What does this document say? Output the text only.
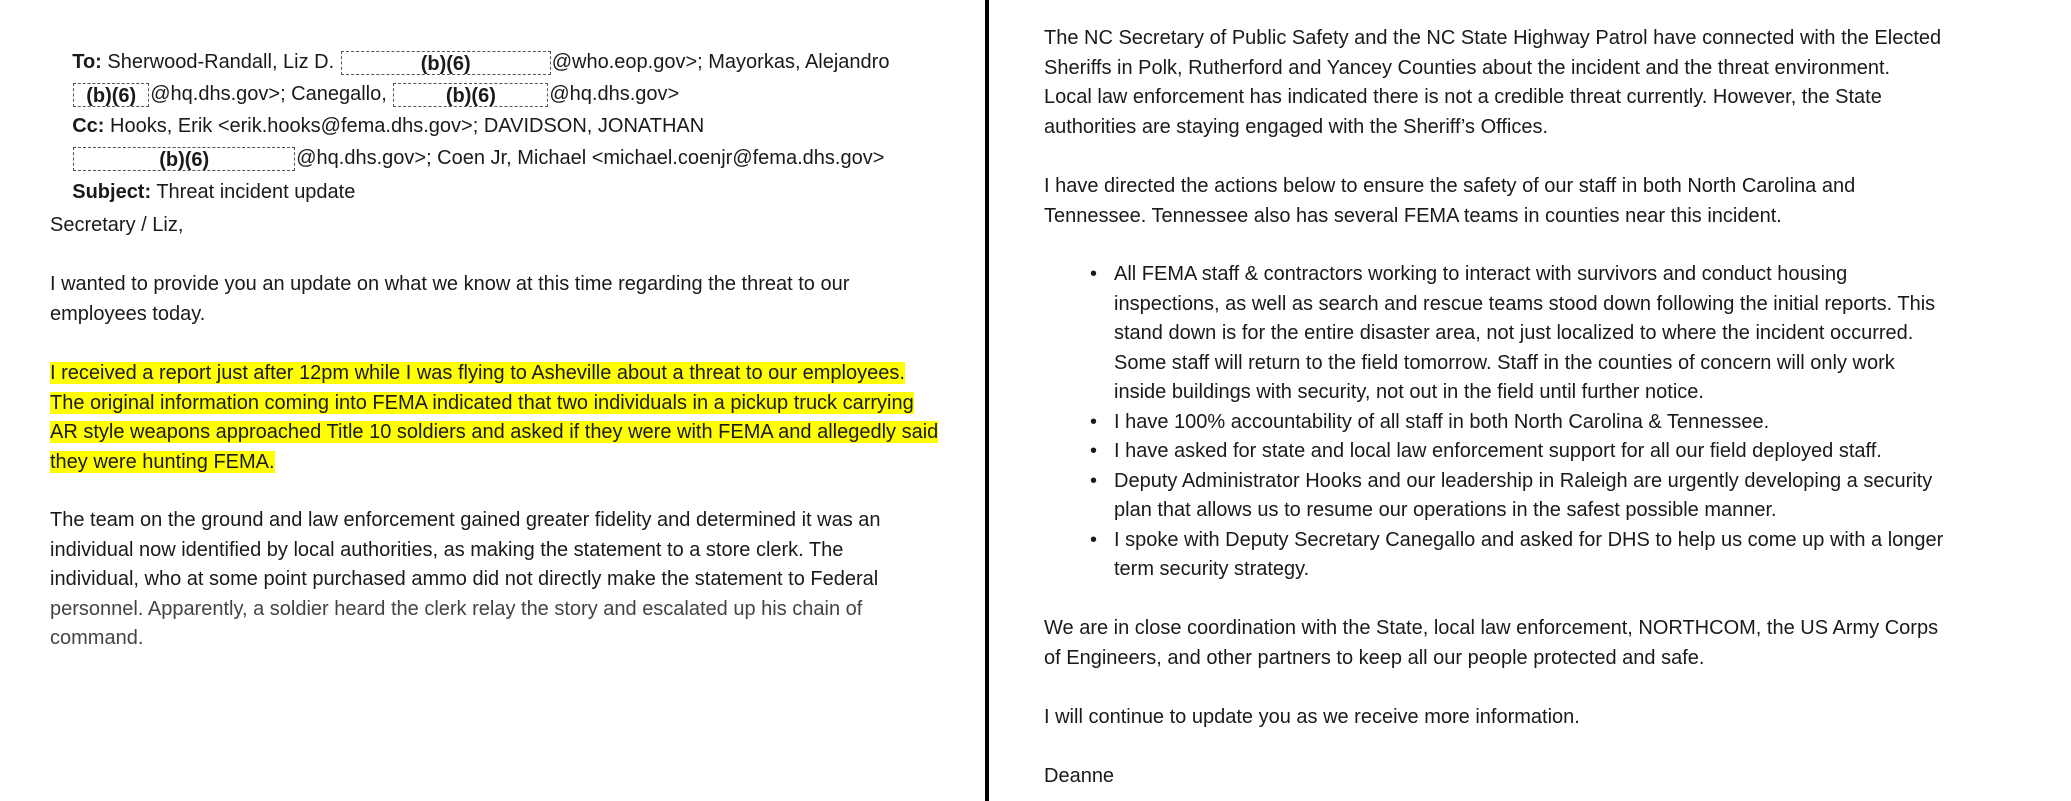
To: Sherwood-Randall, Liz D.	(b)(6)	@who.eop.gov>; Mayorkas, Alejandro

(b)(6) @hq.dhs.gov>; Canegallo,	(b)(6)	@hq.dhs.gov>

Cc: Hooks, Erik <erik.hooks@fema.dhs.gov>; DAVIDSON, JONATHAN

(b)(6)	@hq.dhs.gov>; Coen Jr, Michael <michael.coenjr@fema.dhs.gov>

Subject: Threat incident update

Secretary / Liz,
I wanted to provide you an update on what we know at this time regarding the threat to our
employees today.
I received a report just after 12pm while I was flying to Asheville about a threat to our employees.
The original information coming into FEMA indicated that two individuals in a pickup truck carrying
AR style weapons approached Title 10 soldiers and asked if they were with FEMA and allegedly said
they were hunting FEMA.
The team on the ground and law enforcement gained greater fidelity and determined it was an
individual now identified by local authorities, as making the statement to a store clerk. The
individual, who at some point purchased ammo did not directly make the statement to Federal
personnel. Apparently, a soldier heard the clerk relay the story and escalated up his chain of
command.
The NC Secretary of Public Safety and the NC State Highway Patrol have connected with the Elected
Sheriffs in Polk, Rutherford and Yancey Counties about the incident and the threat environment.
Local law enforcement has indicated there is not a credible threat currently. However, the State
authorities are staying engaged with the Sheriff’s Offices.
I have directed the actions below to ensure the safety of our staff in both North Carolina and
Tennessee. Tennessee also has several FEMA teams in counties near this incident.
• All FEMA staff & contractors working to interact with survivors and conduct housing
inspections, as well as search and rescue teams stood down following the initial reports. This
stand down is for the entire disaster area, not just localized to where the incident occurred.
Some staff will return to the field tomorrow. Staff in the counties of concern will only work
inside buildings with security, not out in the field until further notice.
• I have 100% accountability of all staff in both North Carolina & Tennessee.
• I have asked for state and local law enforcement support for all our field deployed staff.
• Deputy Administrator Hooks and our leadership in Raleigh are urgently developing a security
plan that allows us to resume our operations in the safest possible manner.
• I spoke with Deputy Secretary Canegallo and asked for DHS to help us come up with a longer
term security strategy.
We are in close coordination with the State, local law enforcement, NORTHCOM, the US Army Corps
of Engineers, and other partners to keep all our people protected and safe.
I will continue to update you as we receive more information.
Deanne
